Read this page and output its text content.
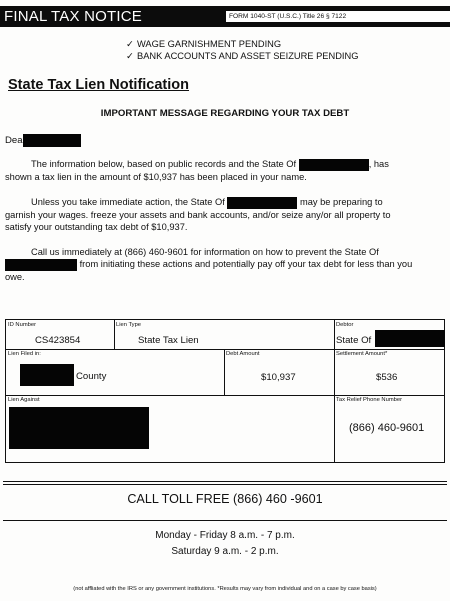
FINAL TAX NOTICE	FORM 1040-ST (U.S.C.) Title 26 § 7122
✓ WAGE GARNISHMENT PENDING
✓ BANK ACCOUNTS AND ASSET SEIZURE PENDING
State Tax Lien Notification
IMPORTANT MESSAGE REGARDING YOUR TAX DEBT
Dea
The information below, based on public records and the State Of	, has
shown a tax lien in the amount of $10,937 has been placed in your name.
Unless you take immediate action, the State Of	may be preparing to
garnish your wages. freeze your assets and bank accounts, and/or seize any/or all property to
satisfy your outstanding tax debt of $10,937.
Call us immediately at (866) 460-9601 for information on how to prevent the State Of
from initiating these actions and potentially pay off your tax debt for less than you
owe.
ID Number
CS423854
Lien Type
State Tax Lien
Debtor
State Of
Lien Filed in:
County
Debt Amount
$10,937
Settlement Amount*
$536
Lien Against	Tax Relief Phone Number
(866) 460-9601
CALL TOLL FREE (866) 460 -9601
Monday - Friday 8 a.m. - 7 p.m.
Saturday 9 a.m. - 2 p.m.
(not affliated with the IRS or any government institutions. *Results may vary from individual and on a case by case basis)
